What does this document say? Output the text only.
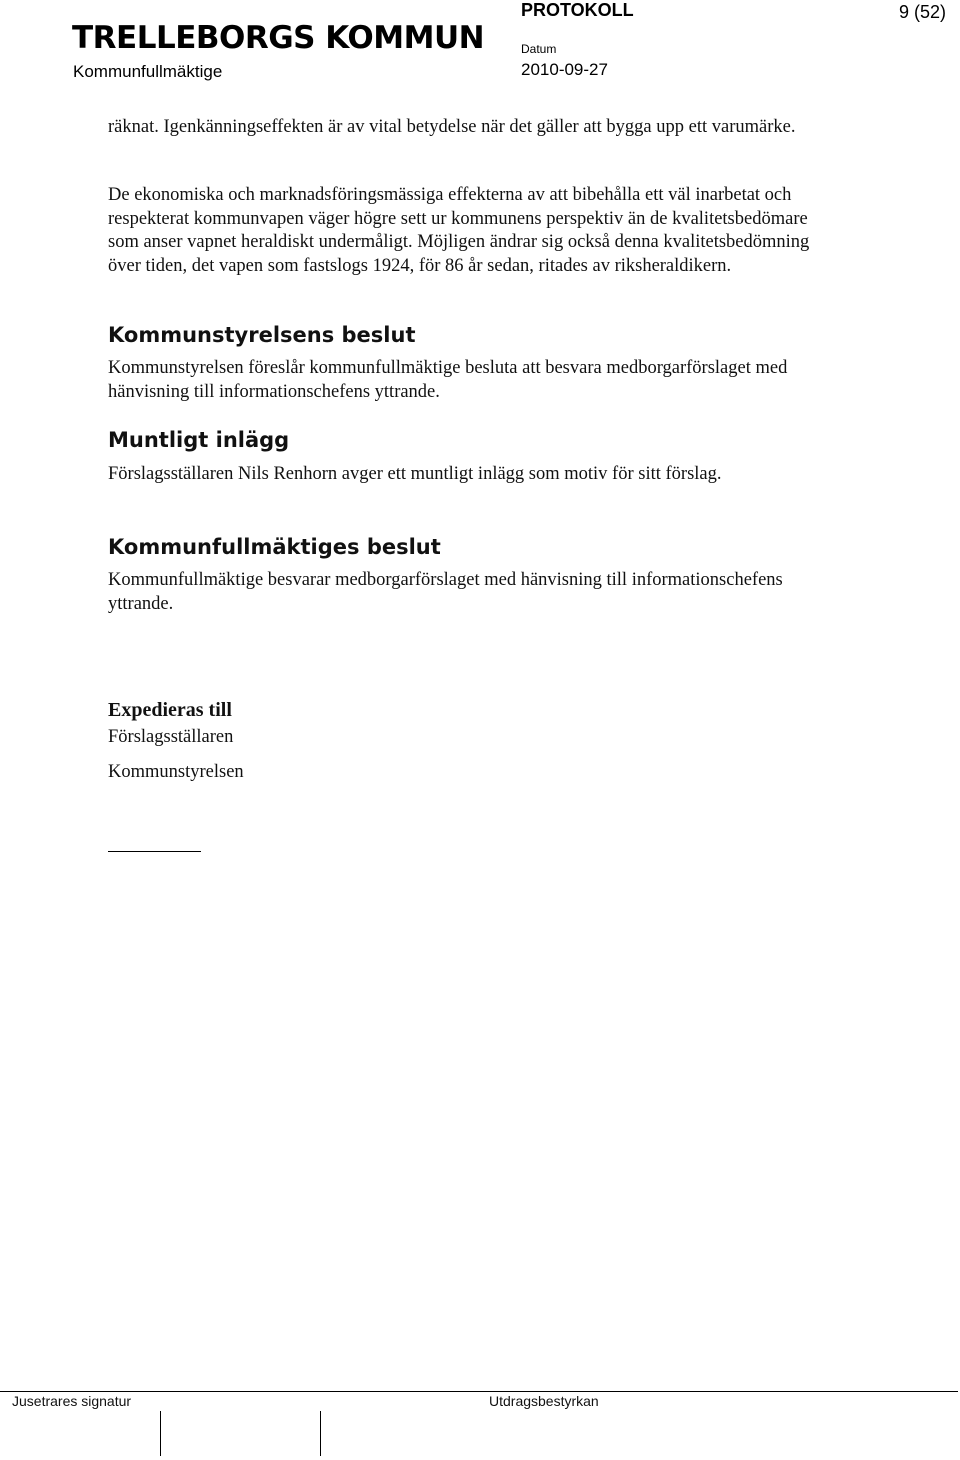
TRELLEBORGS KOMMUN
Kommunfullmäktige
PROTOKOLL
Datum
2010-09-27
9 (52)

räknat. Igenkänningseffekten är av vital betydelse när det gäller att bygga upp ett varumärke.

De ekonomiska och marknadsföringsmässiga effekterna av att bibehålla ett väl inarbetat och respekterat kommunvapen väger högre sett ur kommunens perspektiv än de kvalitetsbedömare som anser vapnet heraldiskt undermåligt. Möjligen ändrar sig också denna kvalitetsbedömning över tiden, det vapen som fastslogs 1924, för 86 år sedan, ritades av riksheraldikern.

Kommunstyrelsens beslut

Kommunstyrelsen föreslår kommunfullmäktige besluta att besvara medborgarförslaget med hänvisning till informationschefens yttrande.

Muntligt inlägg

Förslagsställaren Nils Renhorn avger ett muntligt inlägg som motiv för sitt förslag.

Kommunfullmäktiges beslut

Kommunfullmäktige besvarar medborgarförslaget med hänvisning till informationschefens yttrande.

Expedieras till
Förslagsställaren
Kommunstyrelsen
Jusetrares signatur	Utdragsbestyrkan
